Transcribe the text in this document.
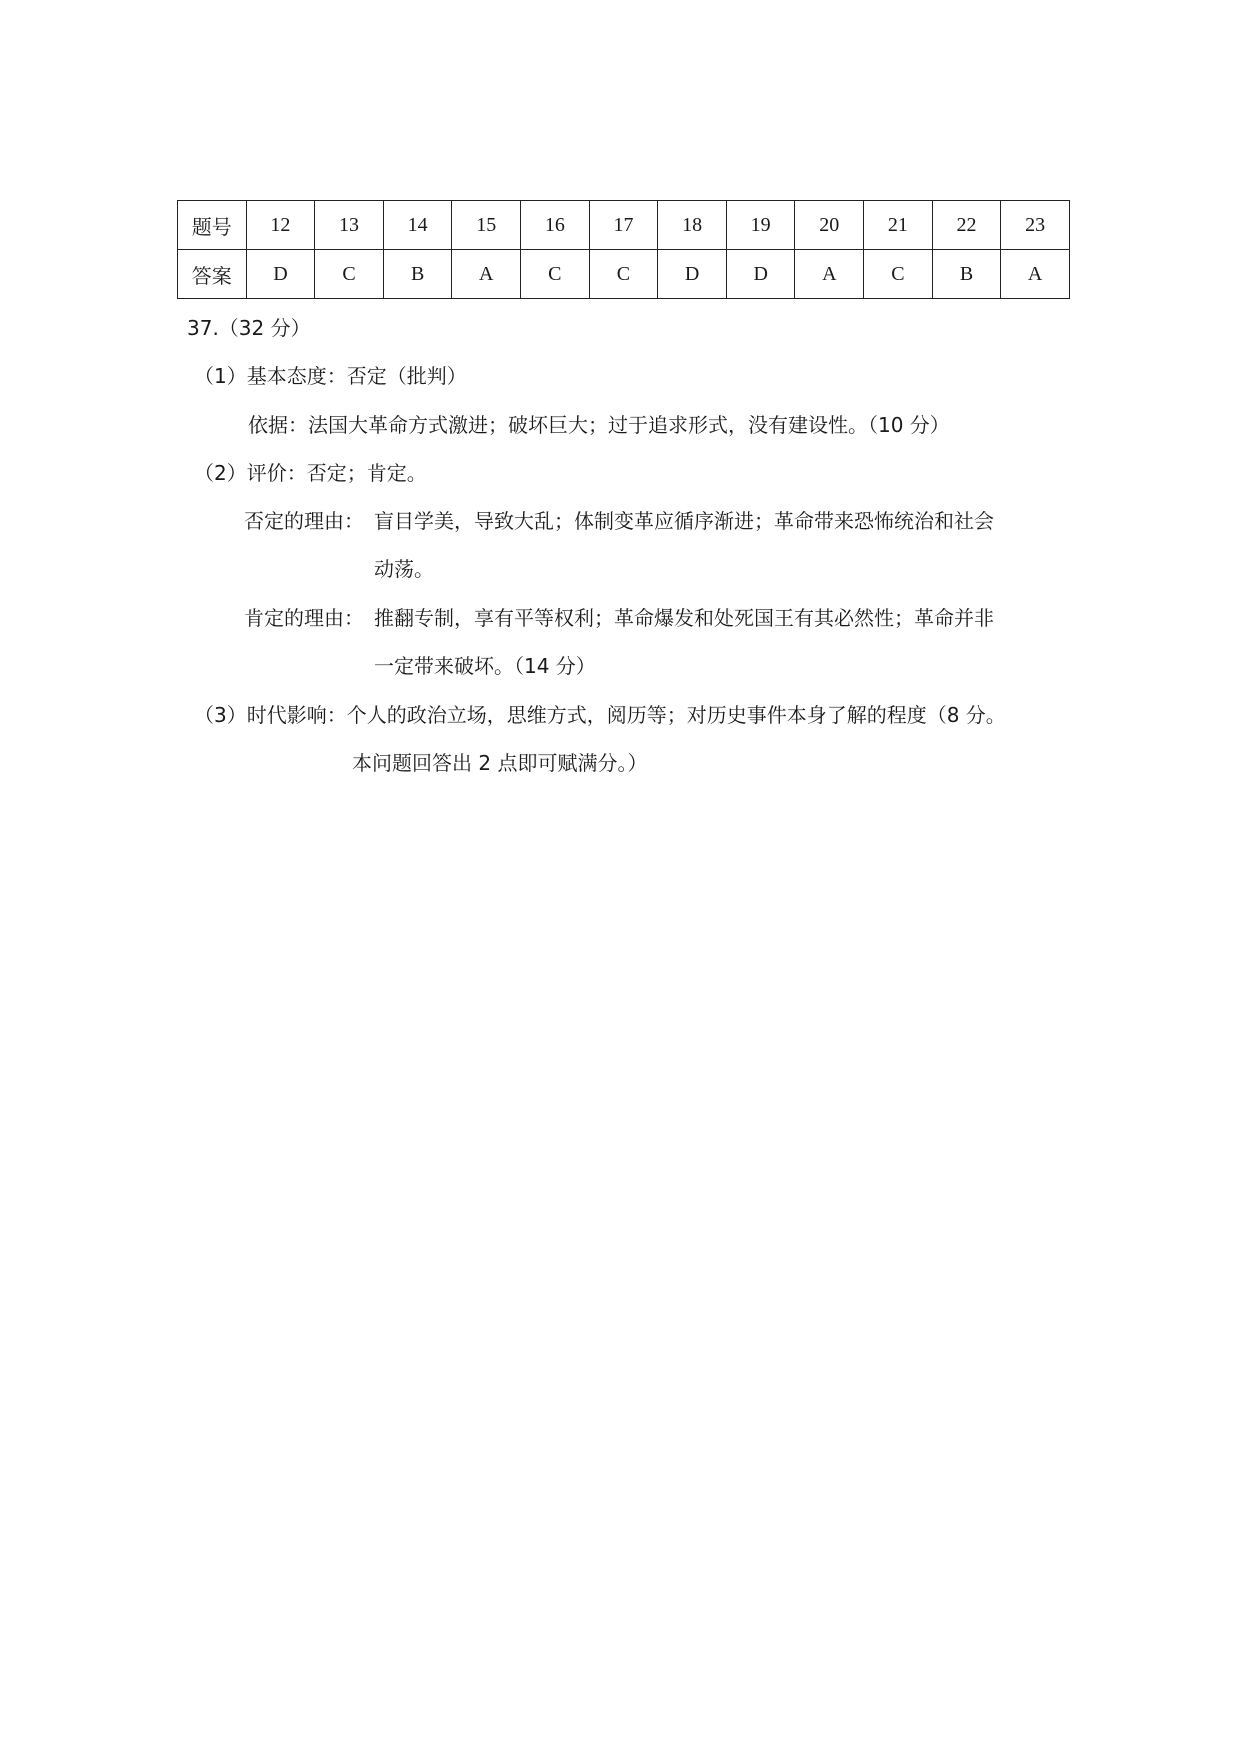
题号	12	13	14	15	16	17	18	19	20	21	22	23
答案	D	C	B	A	C	C	D	D	A	C	B	A
37.（32 分）
（1）基本态度：否定（批判）
依据：法国大革命方式激进；破坏巨大；过于追求形式，没有建设性。（10 分）
（2）评价：否定；肯定。
否定的理由： 盲目学美，导致大乱；体制变革应循序渐进；革命带来恐怖统治和社会
动荡。
肯定的理由： 推翻专制，享有平等权利；革命爆发和处死国王有其必然性；革命并非
一定带来破坏。（14 分）
（3）时代影响：个人的政治立场，思维方式，阅历等；对历史事件本身了解的程度（8 分。
本问题回答出 2 点即可赋满分。）
